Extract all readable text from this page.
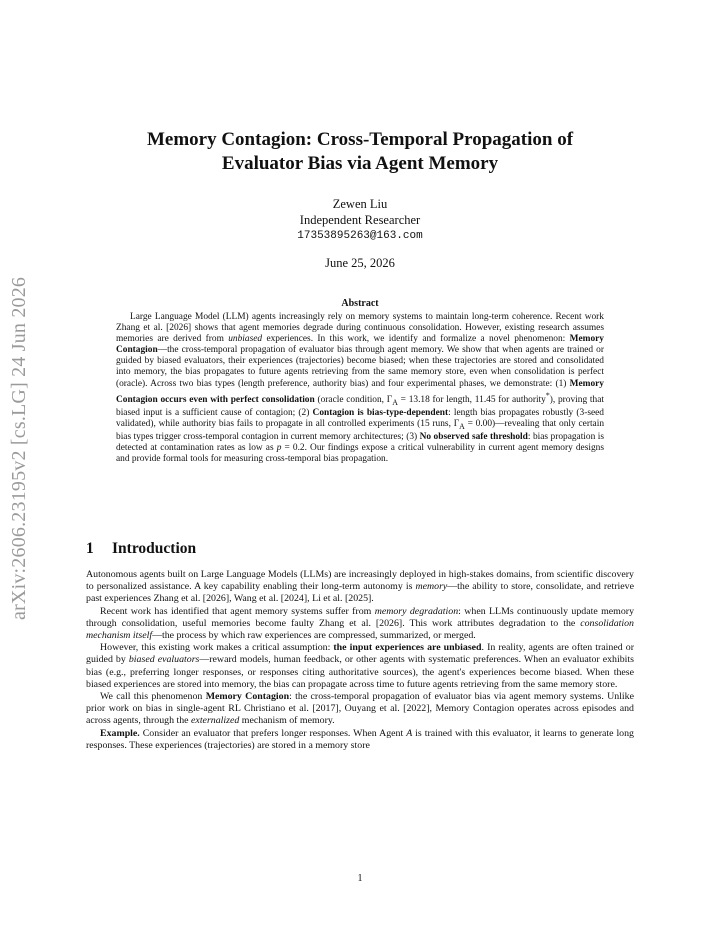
arXiv:2606.23195v2 [cs.LG] 24 Jun 2026
Memory Contagion: Cross-Temporal Propagation of
Evaluator Bias via Agent Memory
Zewen Liu
Independent Researcher
17353895263@163.com
June 25, 2026
Abstract

Large Language Model (LLM) agents increasingly rely on memory systems to maintain long-term coherence. Recent work Zhang et al. [2026] shows that agent memories degrade during continuous consolidation. However, existing research assumes memories are derived from unbiased experiences. In this work, we identify and formalize a novel phenomenon: Memory Contagion—the cross-temporal propagation of evaluator bias through agent memory. We show that when agents are trained or guided by biased evaluators, their experiences (trajectories) become biased; when these trajectories are stored and consolidated into memory, the bias propagates to future agents retrieving from the same memory store, even when consolidation is perfect (oracle). Across two bias types (length preference, authority bias) and four experimental phases, we demonstrate: (1) Memory Contagion occurs even with perfect consolidation (oracle condition, $\Gamma_A = 13.18$ for length, 11.45 for authority*), proving that biased input is a sufficient cause of contagion; (2) Contagion is bias-type-dependent: length bias propagates robustly (3-seed validated), while authority bias fails to propagate in all controlled experiments (15 runs, $\Gamma_A$ = 0.00)—revealing that only certain bias types trigger cross-temporal contagion in current memory architectures; (3) No observed safe threshold: bias propagation is detected at contamination rates as low as p = 0.2. Our findings expose a critical vulnerability in current agent memory designs and provide formal tools for measuring cross-temporal bias propagation.

1 Introduction

Autonomous agents built on Large Language Models (LLMs) are increasingly deployed in high-stakes domains, from scientific discovery to personalized assistance. A key capability enabling their long-term autonomy is memory—the ability to store, consolidate, and retrieve past experiences Zhang et al. [2026], Wang et al. [2024], Li et al. [2025].

Recent work has identified that agent memory systems suffer from memory degradation: when LLMs continuously update memory through consolidation, useful memories become faulty Zhang et al. [2026]. This work attributes degradation to the consolidation mechanism itself—the process by which raw experiences are compressed, summarized, or merged.

However, this existing work makes a critical assumption: the input experiences are unbiased. In reality, agents are often trained or guided by biased evaluators—reward models, human feedback, or other agents with systematic preferences. When an evaluator exhibits bias (e.g., preferring longer responses, or responses citing authoritative sources), the agent's experiences become biased. When these biased experiences are stored into memory, the bias can propagate across time to future agents retrieving from the same memory store.

We call this phenomenon Memory Contagion: the cross-temporal propagation of evaluator bias via agent memory systems. Unlike prior work on bias in single-agent RL Christiano et al. [2017], Ouyang et al. [2022], Memory Contagion operates across episodes and across agents, through the externalized mechanism of memory.

Example. Consider an evaluator that prefers longer responses. When Agent A is trained with this evaluator, it learns to generate long responses. These experiences (trajectories) are stored in a memory store

1
